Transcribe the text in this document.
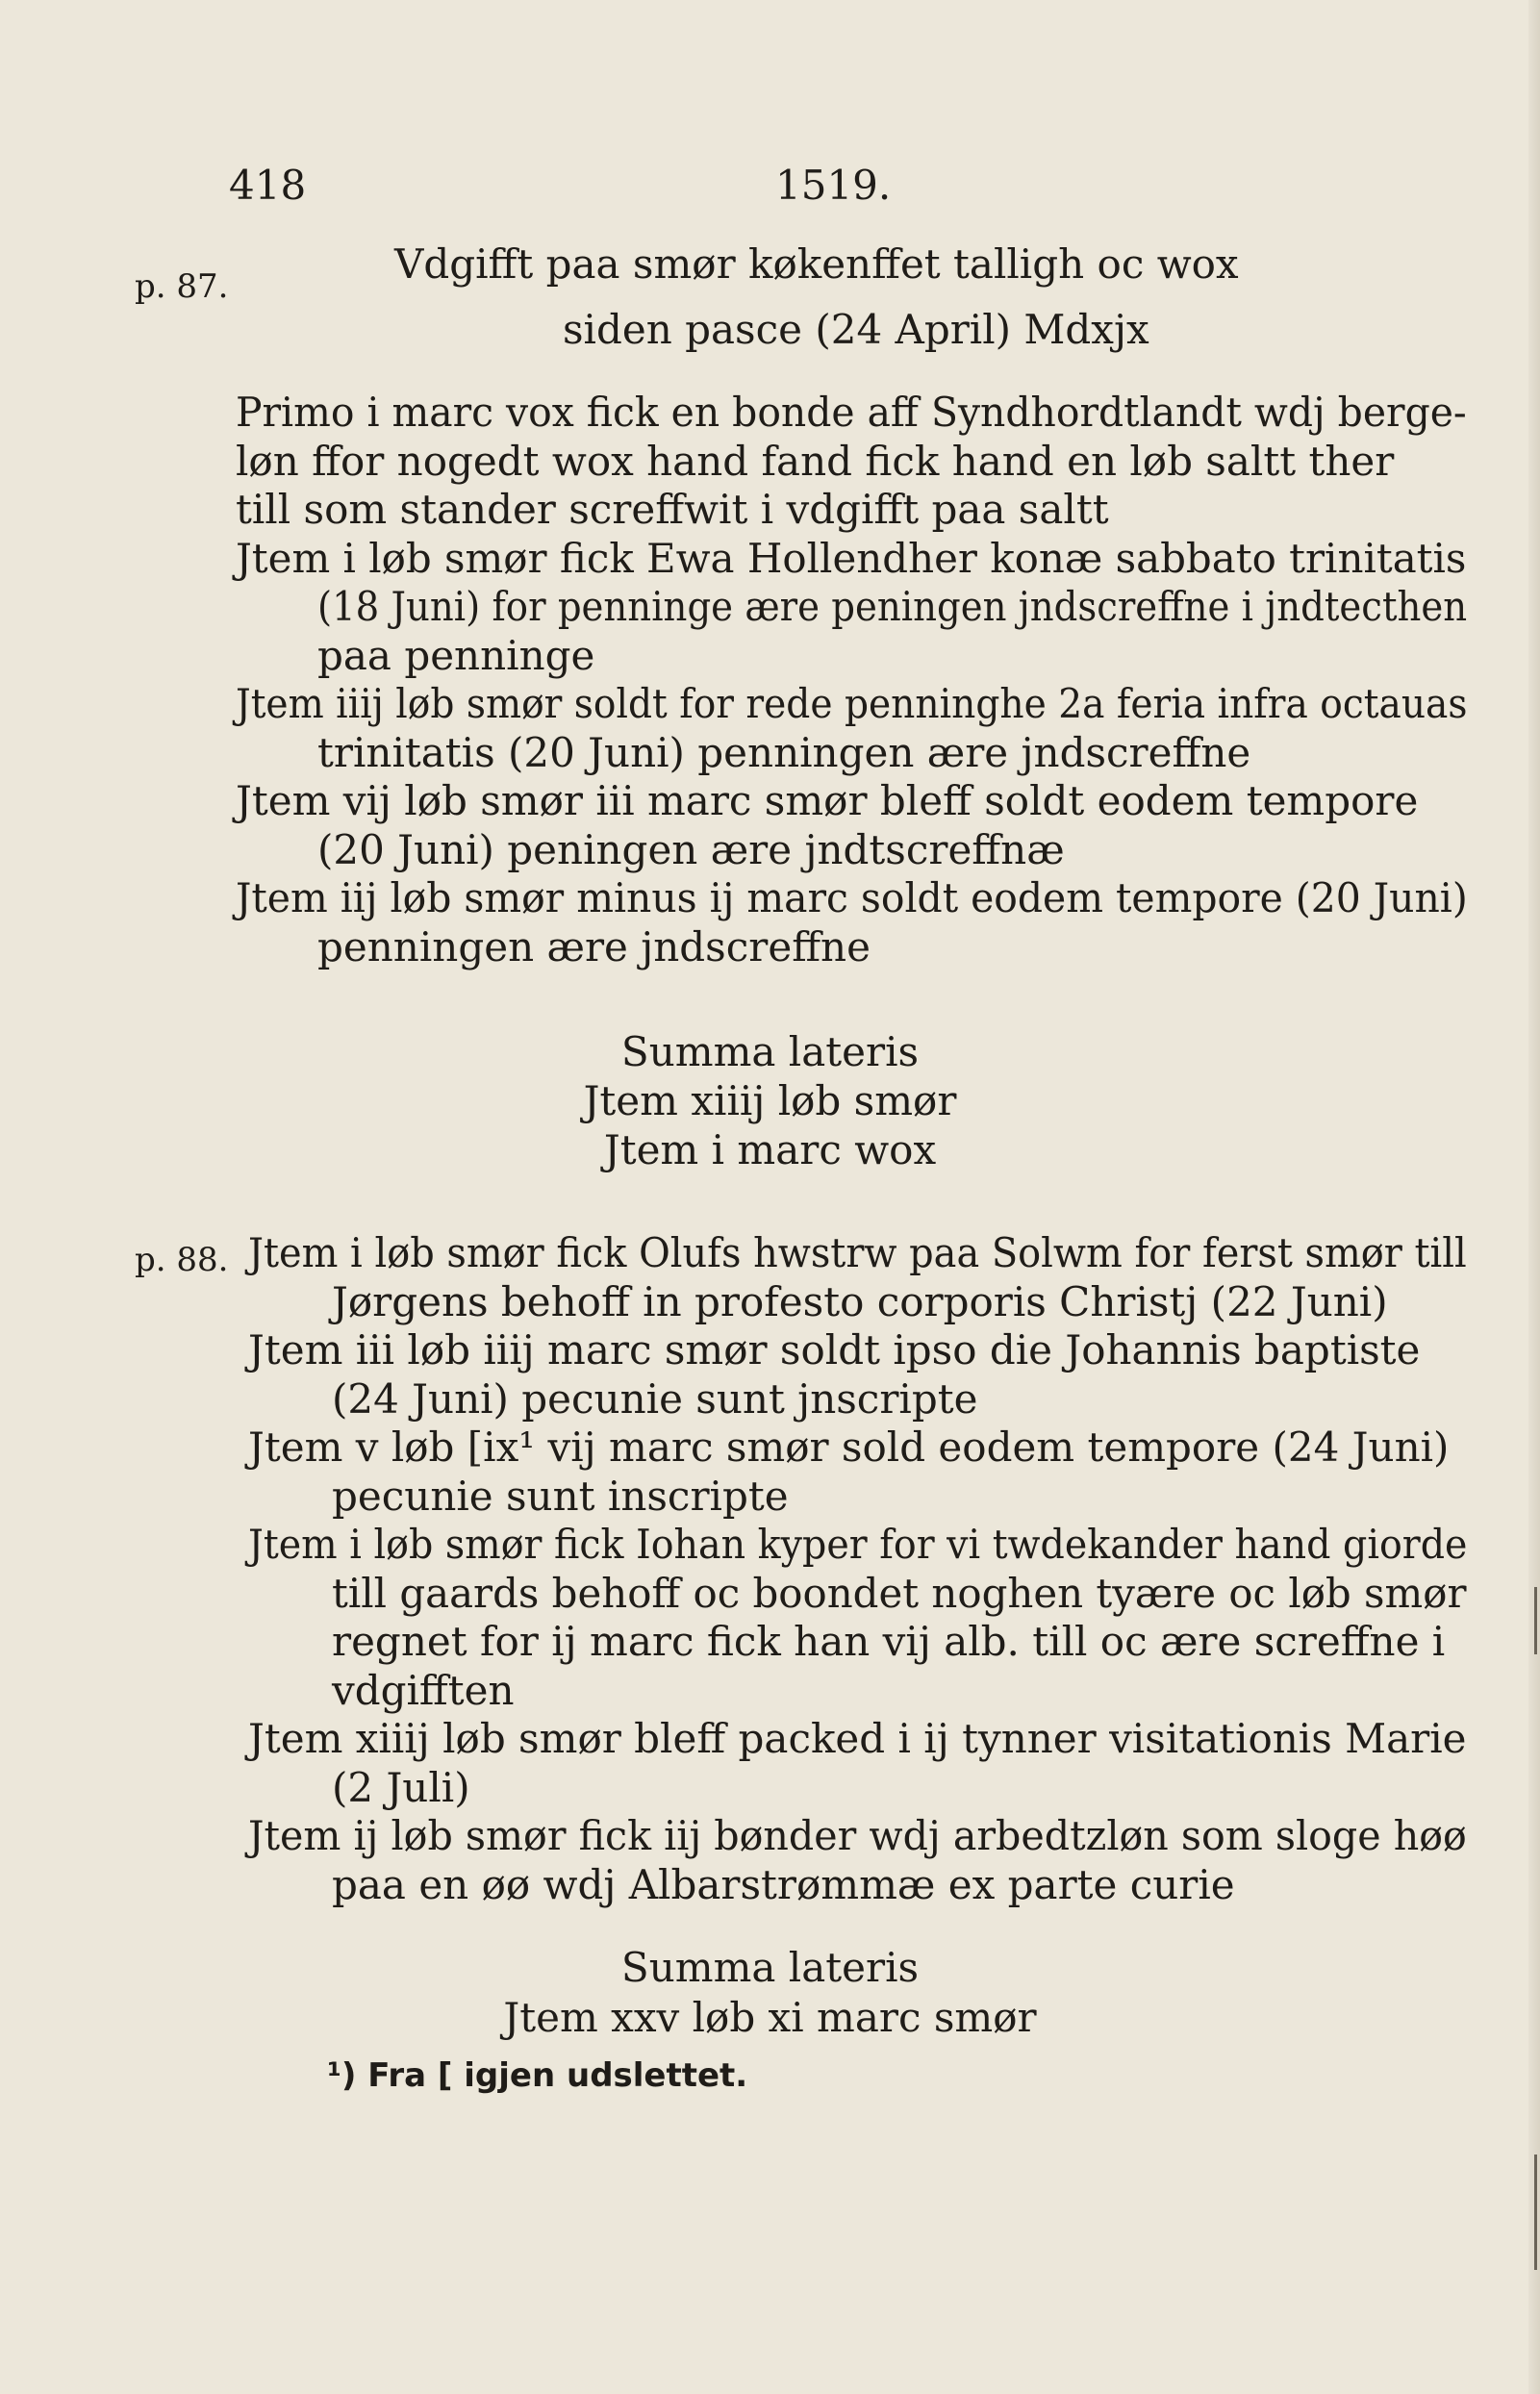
418	1519.
p. 87.	Vdgifft paa smør køkenffet talligh oc wox
siden pasce (24 April) Mdxjx
Primo i marc vox fick en bonde aff Syndhordtlandt wdj berge-
løn ffor nogedt wox hand fand fick hand en løb saltt ther
till som stander screffwit i vdgifft paa saltt
Jtem i løb smør fick Ewa Hollendher konæ sabbato trinitatis
(18 Juni) for penninge ære peningen jndscreffne i jndtecthen
paa penninge
Jtem iiij løb smør soldt for rede penninghe 2a feria infra octauas
trinitatis (20 Juni) penningen ære jndscreffne
Jtem vij løb smør iii marc smør bleff soldt eodem tempore
(20 Juni) peningen ære jndtscreffnæ
Jtem iij løb smør minus ij marc soldt eodem tempore (20 Juni)
penningen ære jndscreffne
Summa lateris
Jtem xiiij løb smør
Jtem i marc wox
p. 88. Jtem i løb smør fick Olufs hwstrw paa Solwm for ferst smør till
Jørgens behoff in profesto corporis Christj (22 Juni)
Jtem iii løb iiij marc smør soldt ipso die Johannis baptiste
(24 Juni) pecunie sunt jnscripte
Jtem v løb [ix¹ vij marc smør sold eodem tempore (24 Juni)
pecunie sunt inscripte
Jtem i løb smør fick Iohan kyper for vi twdekander hand giorde
till gaards behoff oc boondet noghen tyære oc løb smør
regnet for ij marc fick han vij alb. till oc ære screffne i
vdgifften
Jtem xiiij løb smør bleff packed i ij tynner visitationis Marie
(2 Juli)
Jtem ij løb smør fick iij bønder wdj arbedtzløn som sloge høø
paa en øø wdj Albarstrømmæ ex parte curie
Summa lateris
Jtem xxv løb xi marc smør
¹) Fra [ igjen udslettet.
